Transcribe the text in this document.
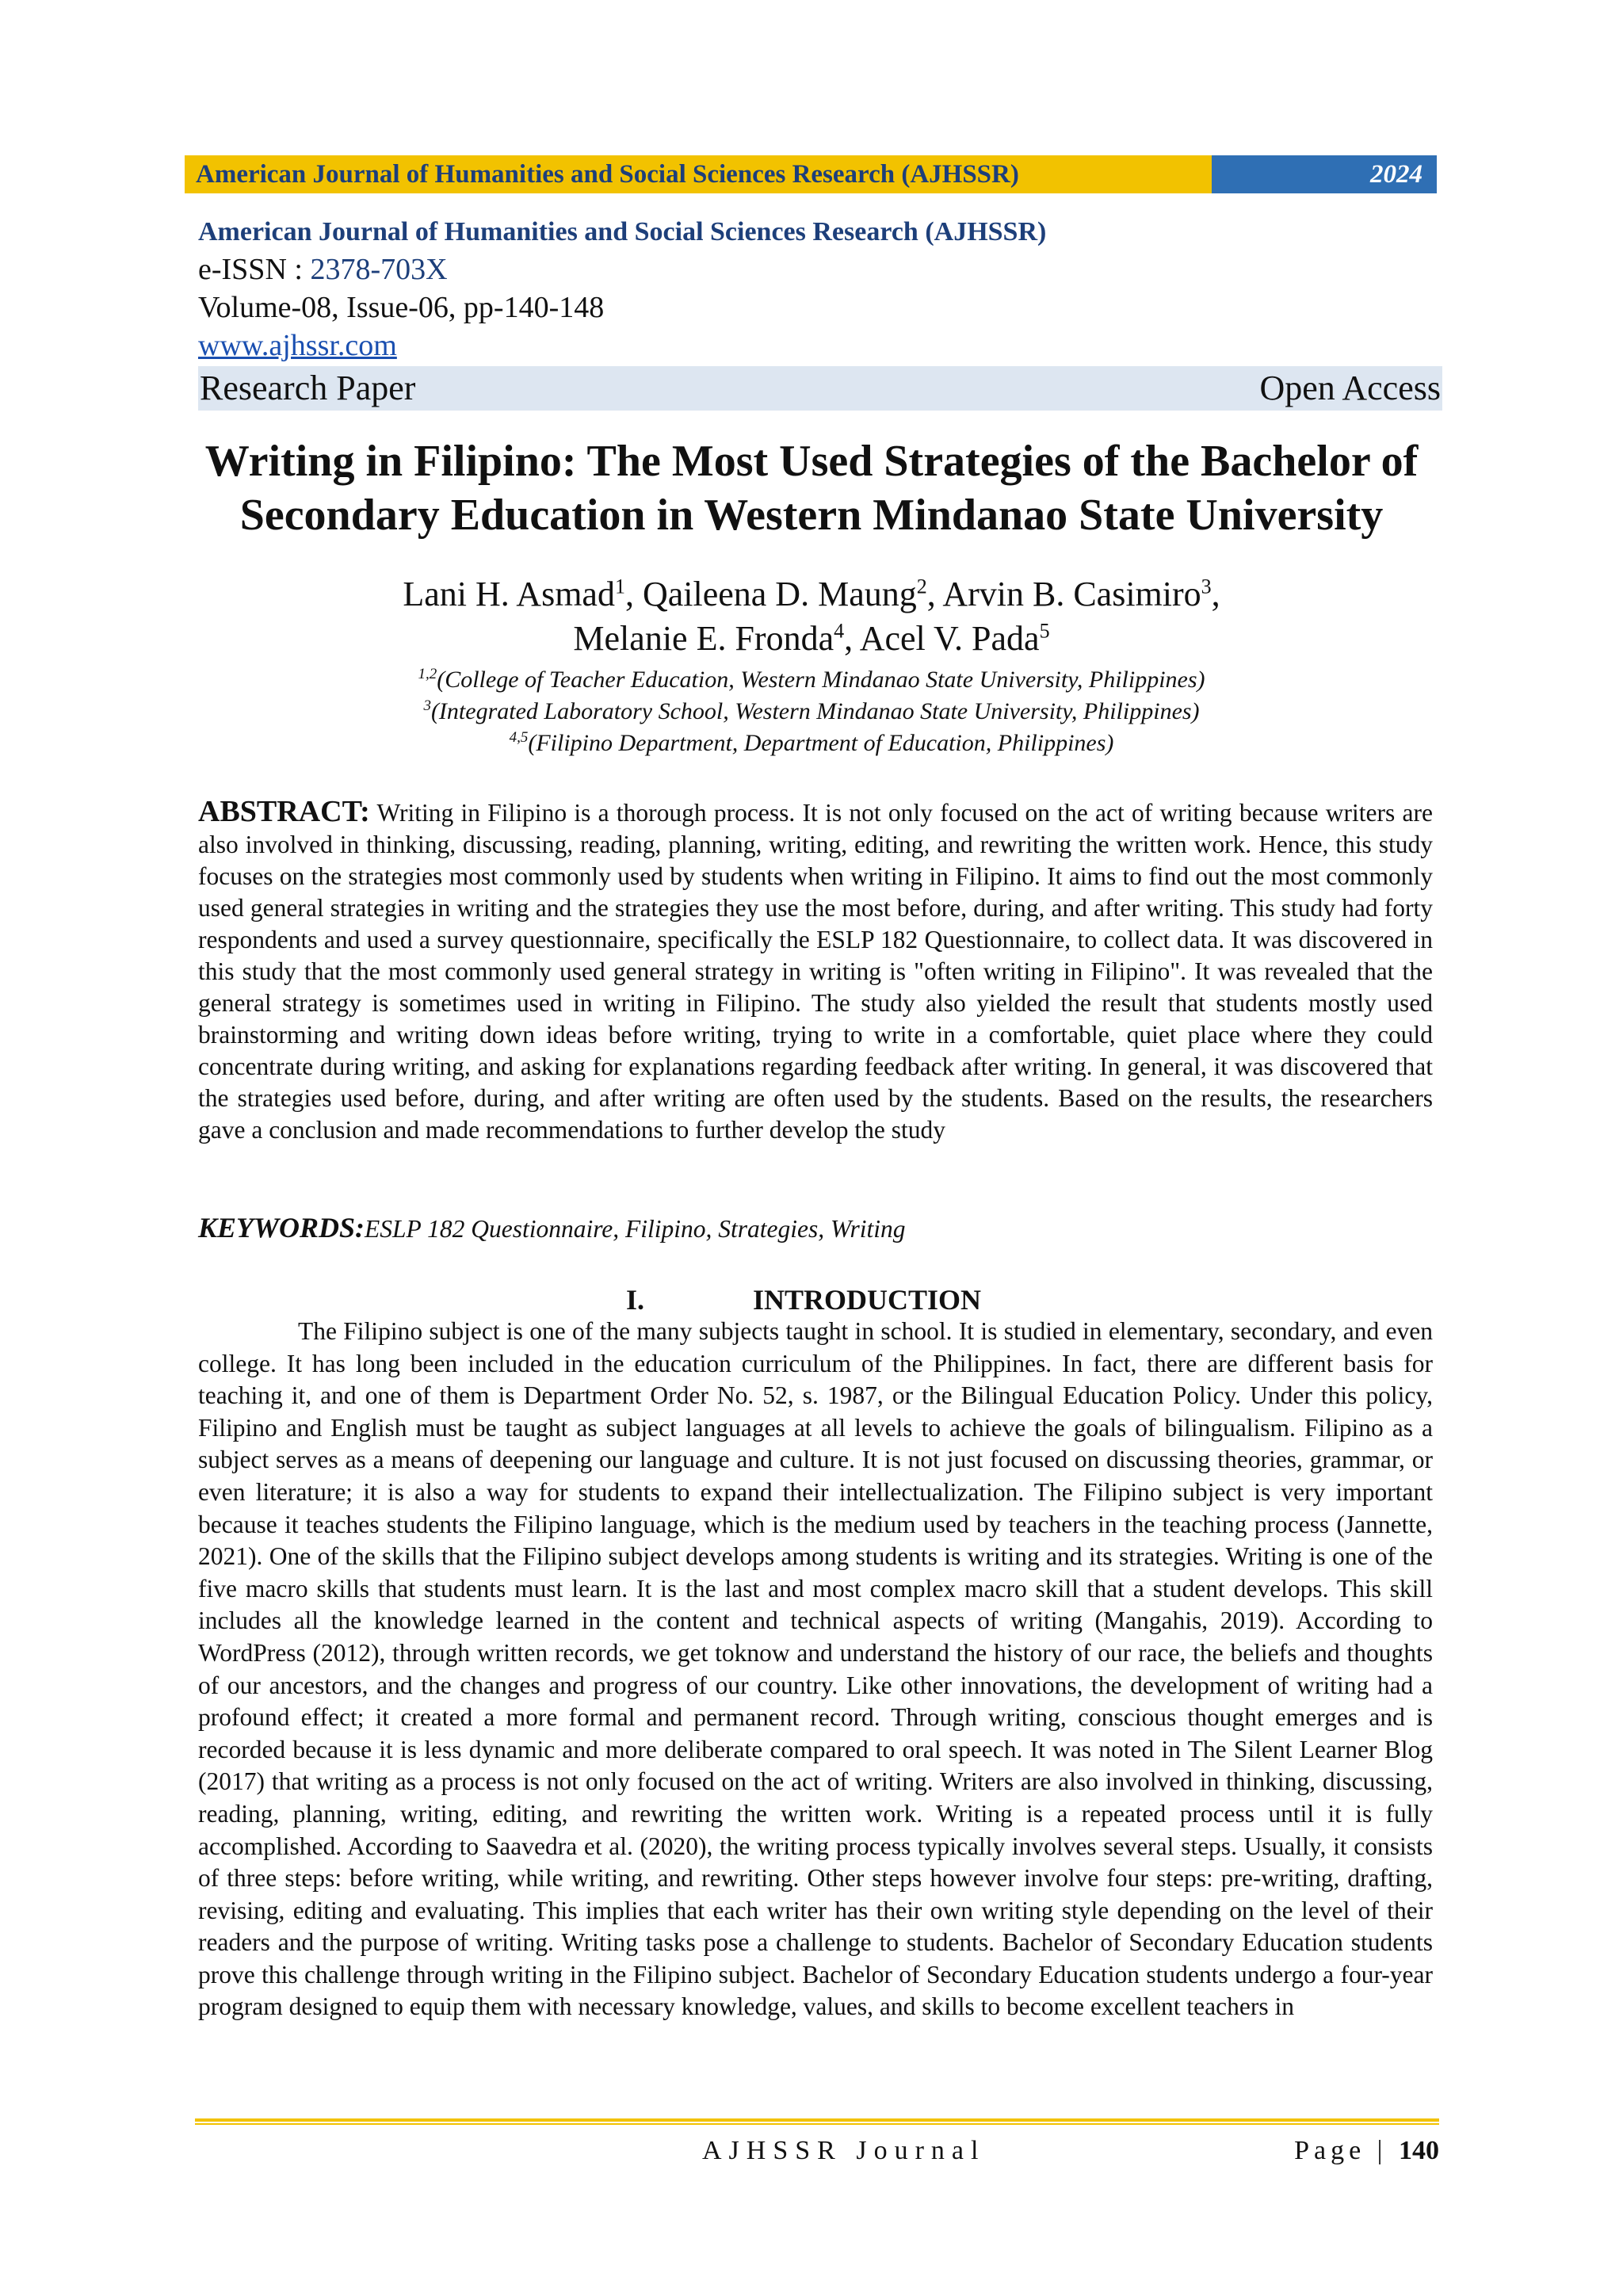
American Journal of Humanities and Social Sciences Research (AJHSSR)	2024
American Journal of Humanities and Social Sciences Research (AJHSSR)
e-ISSN : 2378-703X
Volume-08, Issue-06, pp-140-148
www.ajhssr.com
Research Paper	Open Access
Writing in Filipino: The Most Used Strategies of the Bachelor of
Secondary Education in Western Mindanao State University
Lani H. Asmad$^1$, Qaileena D. Maung$^2$, Arvin B. Casimiro$^3$,
Melanie E. Fronda$^4$, Acel V. Pada$^5$
$^{1,2}$(College of Teacher Education, Western Mindanao State University, Philippines)
$^3$(Integrated Laboratory School, Western Mindanao State University, Philippines)
$^{4,5}$(Filipino Department, Department of Education, Philippines)
ABSTRACT: Writing in Filipino is a thorough process. It is not only focused on the act of writing because writers are also involved in thinking, discussing, reading, planning, writing, editing, and rewriting the written work. Hence, this study focuses on the strategies most commonly used by students when writing in Filipino. It aims to find out the most commonly used general strategies in writing and the strategies they use the most before, during, and after writing. This study had forty respondents and used a survey questionnaire, specifically the ESLP 182 Questionnaire, to collect data. It was discovered in this study that the most commonly used general strategy in writing is "often writing in Filipino". It was revealed that the general strategy is sometimes used in writing in Filipino. The study also yielded the result that students mostly used brainstorming and writing down ideas before writing, trying to write in a comfortable, quiet place where they could concentrate during writing, and asking for explanations regarding feedback after writing. In general, it was discovered that the strategies used before, during, and after writing are often used by the students. Based on the results, the researchers gave a conclusion and made recommendations to further develop the study
KEYWORDS:ESLP 182 Questionnaire, Filipino, Strategies, Writing
I.	INTRODUCTION

The Filipino subject is one of the many subjects taught in school. It is studied in elementary, secondary, and even college. It has long been included in the education curriculum of the Philippines. In fact, there are different basis for teaching it, and one of them is Department Order No. 52, s. 1987, or the Bilingual Education Policy. Under this policy, Filipino and English must be taught as subject languages at all levels to achieve the goals of bilingualism. Filipino as a subject serves as a means of deepening our language and culture. It is not just focused on discussing theories, grammar, or even literature; it is also a way for students to expand their intellectualization. The Filipino subject is very important because it teaches students the Filipino language, which is the medium used by teachers in the teaching process (Jannette, 2021). One of the skills that the Filipino subject develops among students is writing and its strategies. Writing is one of the five macro skills that students must learn. It is the last and most complex macro skill that a student develops. This skill includes all the knowledge learned in the content and technical aspects of writing (Mangahis, 2019). According to WordPress (2012), through written records, we get toknow and understand the history of our race, the beliefs and thoughts of our ancestors, and the changes and progress of our country. Like other innovations, the development of writing had a profound effect; it created a more formal and permanent record. Through writing, conscious thought emerges and is recorded because it is less dynamic and more deliberate compared to oral speech. It was noted in The Silent Learner Blog (2017) that writing as a process is not only focused on the act of writing. Writers are also involved in thinking, discussing, reading, planning, writing, editing, and rewriting the written work. Writing is a repeated process until it is fully accomplished. According to Saavedra et al. (2020), the writing process typically involves several steps. Usually, it consists of three steps: before writing, while writing, and rewriting. Other steps however involve four steps: pre-writing, drafting, revising, editing and evaluating. This implies that each writer has their own writing style depending on the level of their readers and the purpose of writing. Writing tasks pose a challenge to students. Bachelor of Secondary Education students prove this challenge through writing in the Filipino subject. Bachelor of Secondary Education students undergo a four-year program designed to equip them with necessary knowledge, values, and skills to become excellent teachers in

AJHSSR Journal	Page | 140
